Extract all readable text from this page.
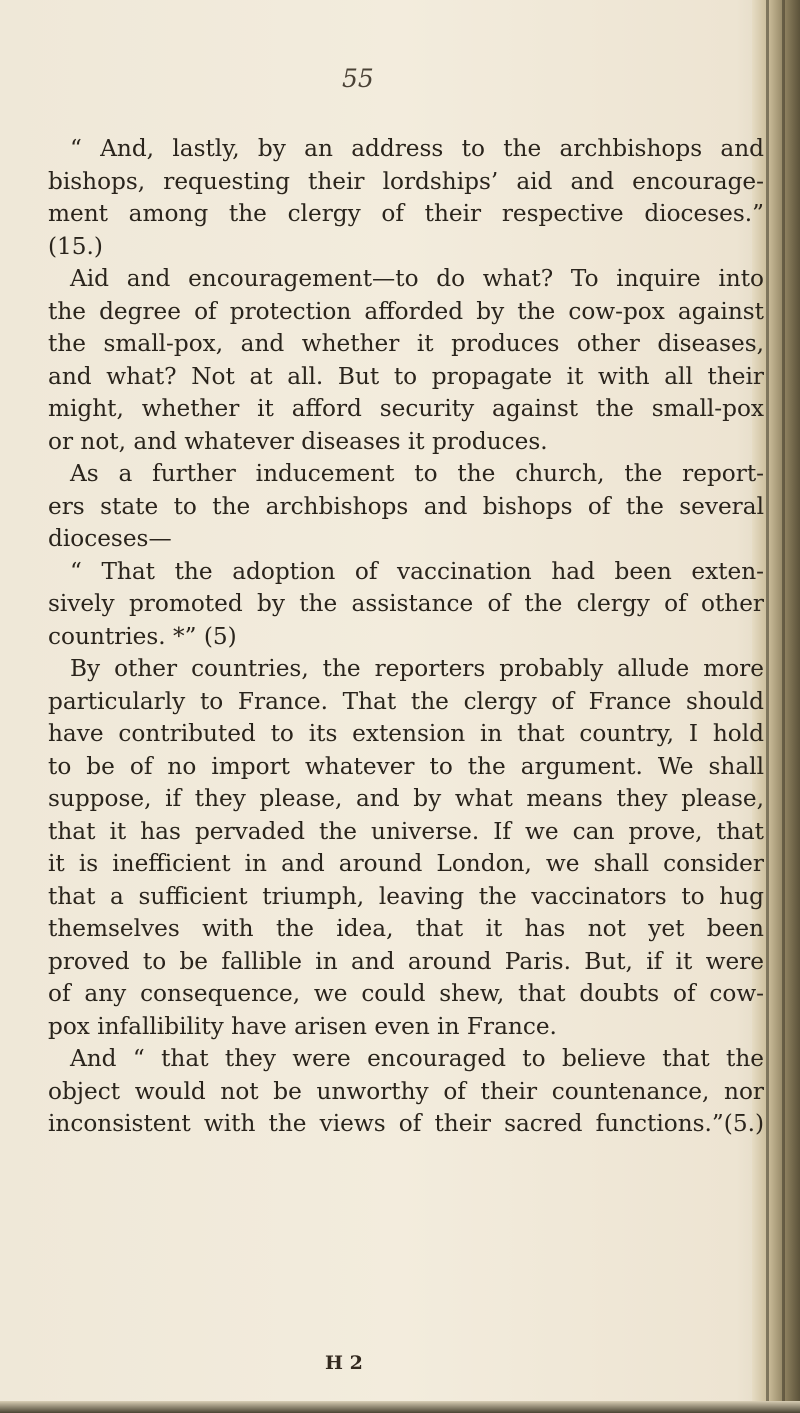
55
“ And, lastly, by an address to the archbishops and
bishops, requesting their lordships’ aid and encourage-
ment among the clergy of their respective dioceses.”
(15.)
Aid and encouragement—to do what? To inquire into
the degree of protection afforded by the cow-pox against
the small-pox, and whether it produces other diseases,
and what? Not at all. But to propagate it with all their
might, whether it afford security against the small-pox
or not, and whatever diseases it produces.
As a further inducement to the church, the report-
ers state to the archbishops and bishops of the several
dioceses—
“ That the adoption of vaccination had been exten-
sively promoted by the assistance of the clergy of other
countries. *” (5)
By other countries, the reporters probably allude more
particularly to France. That the clergy of France should
have contributed to its extension in that country, I hold
to be of no import whatever to the argument. We shall
suppose, if they please, and by what means they please,
that it has pervaded the universe. If we can prove, that
it is inefficient in and around London, we shall consider
that a sufficient triumph, leaving the vaccinators to hug
themselves with the idea, that it has not yet been
proved to be fallible in and around Paris. But, if it were
of any consequence, we could shew, that doubts of cow-
pox infallibility have arisen even in France.
And “ that they were encouraged to believe that the
object would not be unworthy of their countenance, nor
inconsistent with the views of their sacred functions.”(5.)
H 2
